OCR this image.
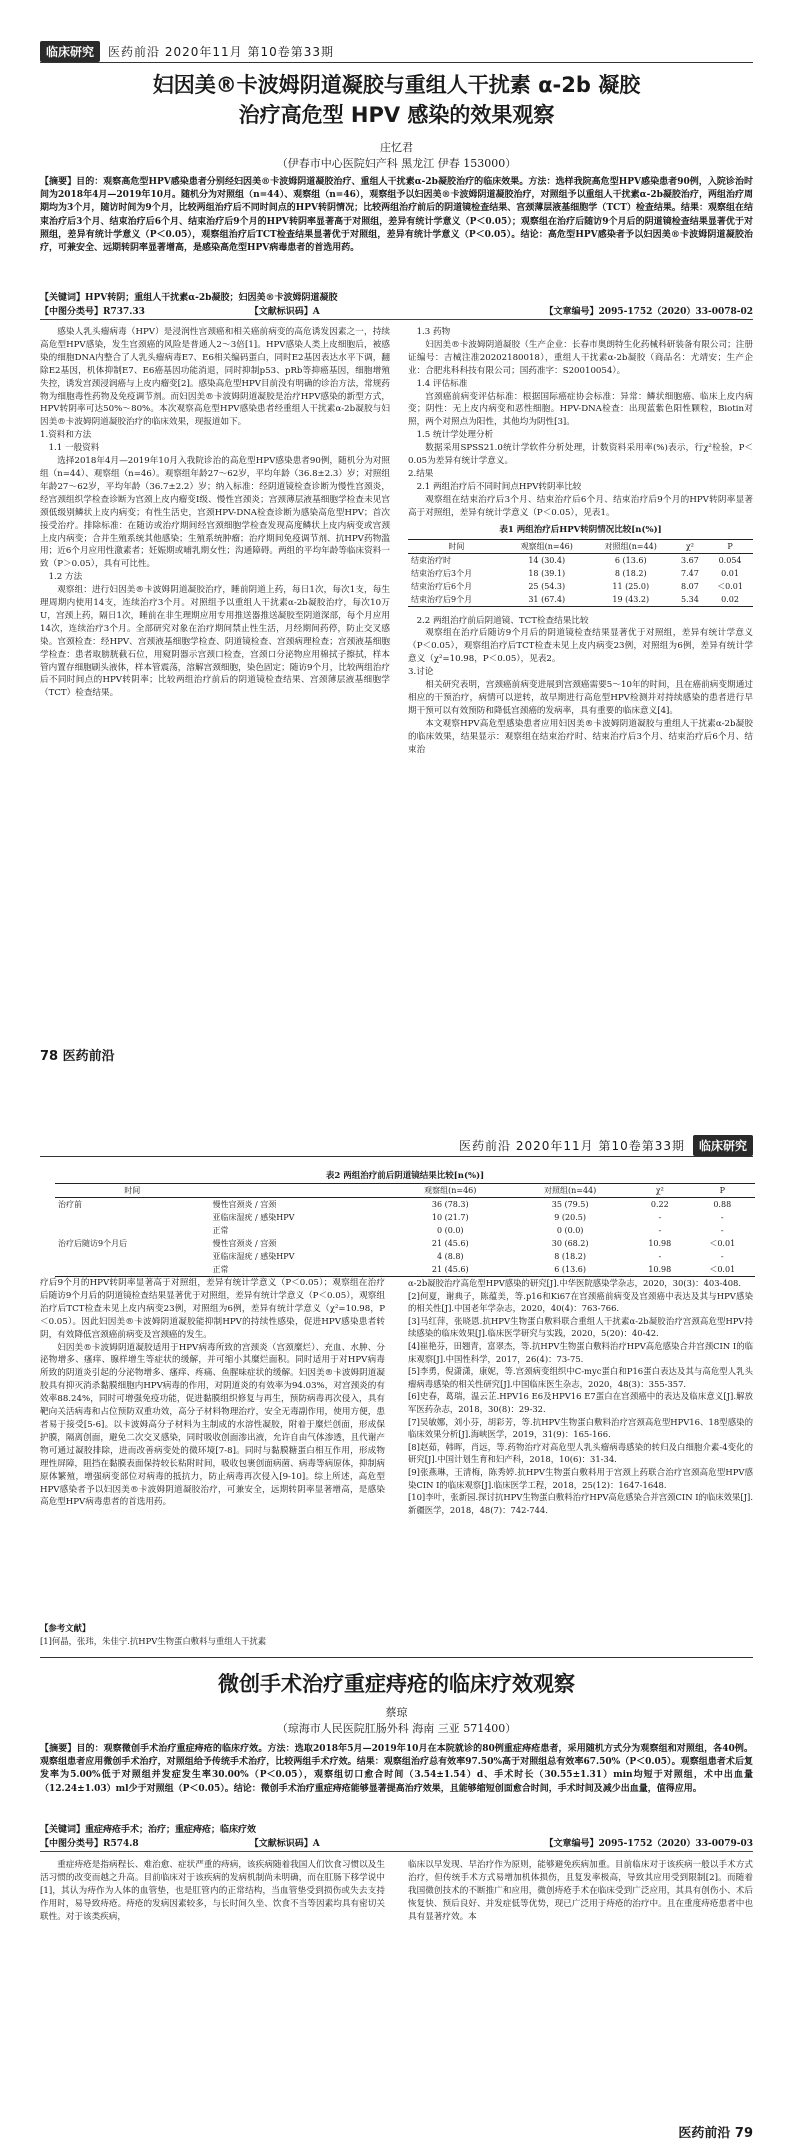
临床研究	医药前沿 2020年11月 第10卷第33期
妇因美®卡波姆阴道凝胶与重组人干扰素 α-2b 凝胶
治疗高危型 HPV 感染的效果观察
庄忆君
（伊春市中心医院妇产科 黑龙江 伊春 153000）
【摘要】目的：观察高危型HPV感染患者分别经妇因美®卡波姆阴道凝胶治疗、重组人干扰素α-2b凝胶治疗的临床效果。方法：选样我院高危型HPV感染患者90例，入院诊治时间为2018年4月—2019年10月。随机分为对照组（n=44）、观察组（n=46），观察组予以妇因美®卡波姆阴道凝胶治疗，对照组予以重组人干扰素α-2b凝胶治疗，两组治疗周期均为3个月，随访时间为9个月，比较两组治疗后不同时间点的HPV转阴情况；比较两组治疗前后的阴道镜检查结果、宫颈薄层液基细胞学（TCT）检查结果。结果：观察组在结束治疗后3个月、结束治疗后6个月、结束治疗后9个月的HPV转阴率显著高于对照组，差异有统计学意义（P＜0.05）；观察组在治疗后随访9个月后的阴道镜检查结果显著优于对照组，差异有统计学意义（P＜0.05），观察组治疗后TCT检查结果显著优于对照组，差异有统计学意义（P＜0.05）。结论：高危型HPV感染者予以妇因美®卡波姆阴道凝胶治疗，可兼安全、远期转阴率显著增高，是感染高危型HPV病毒患者的首选用药。
【关键词】HPV转阴；重组人干扰素α-2b凝胶；妇因美®卡波姆阴道凝胶
【中图分类号】R737.33	【文献标识码】A	【文章编号】2095-1752（2020）33-0078-02

感染人乳头瘤病毒（HPV）是浸润性宫颈癌和相关癌前病变的高危诱发因素之一，持续高危型HPV感染，发生宫颈癌的风险是普通人2～3倍[1]。HPV感染人类上皮细胞后，被感染的细胞DNA内整合了人乳头瘤病毒E7、E6相关编码蛋白，同时E2基因表达水平下调，翻除E2基因，机体抑制E7、E6癌基因功能消退，同时抑制p53、pRb等抑癌基因，细胞增殖失控，诱发宫颈浸润癌与上皮内瘤变[2]。感染高危型HPV目前没有明确的诊治方法，常规药物为细胞毒性药物及免疫调节剂。而妇因美®卡波姆阴道凝胶是治疗HPV感染的新型方式，HPV转阴率可达50%～80%。本次观察高危型HPV感染患者经重组人干扰素α-2b凝胶与妇因美®卡波姆阴道凝胶治疗的临床效果，现报道如下。

1.资料和方法

1.1 一般资料

选择2018年4月—2019年10月入我院诊治的高危型HPV感染患者90例，随机分为对照组（n=44）、观察组（n=46）。观察组年龄27～62岁，平均年龄（36.8±2.3）岁；对照组年龄27～62岁，平均年龄（36.7±2.2）岁；纳入标准：经阴道镜检查诊断为慢性宫颈炎，经宫颈组织学检查诊断为宫颈上皮内瘤变Ⅰ级、慢性宫颈炎；宫颈薄层液基细胞学检查未见宫颈低级别鳞状上皮内病变；有性生活史，宫颈HPV-DNA检查诊断为感染高危型HPV；首次接受治疗。排除标准：在随访或治疗期间经宫颈细胞学检查发现高度鳞状上皮内病变或宫颈上皮内病变；合并生殖系统其他感染；生殖系统肿瘤；治疗期间免疫调节剂、抗HPV药物滥用；近6个月应用性激素者；妊娠期或哺乳期女性；沟通障碍。两组的平均年龄等临床资料一致（P＞0.05），具有可比性。

1.2 方法

观察组：进行妇因美®卡波姆阴道凝胶治疗，睡前阴道上药，每日1次，每次1支，每生理周期内使用14支，连续治疗3个月。对照组予以重组人干扰素α-2b凝胶治疗，每次10万U，宫颈上药，隔日1次，睡前在非生理期应用专用推送器推送凝胶至阴道深部，每个月应用14次，连续治疗3个月。全部研究对象在治疗期间禁止性生活，月经期间药停，防止交叉感染。宫颈检查：经HPV、宫颈液基细胞学检查、阴道镜检查、宫颈病理检查；宫颈液基细胞学检查：患者取膀胱截石位，用窥阴器示宫颈口检查，宫颈口分泌物应用棉拭子擦拭，样本管内置存细胞刷头液体，样本管震荡，溶解宫颈细胞，染色固定；随访9个月，比较两组治疗后不同时间点的HPV转阴率；比较两组治疗前后的阴道镜检查结果、宫颈薄层液基细胞学（TCT）检查结果。

1.3 药物

妇因美®卡波姆阴道凝胶（生产企业：长春市奥朗特生化药械科研装备有限公司；注册证编号：吉械注准20202180018），重组人干扰素α-2b凝胶（商品名：尤靖安；生产企业：合肥兆科科技有限公司；国药准字：S20010054）。

1.4 评估标准

宫颈癌前病变评估标准：根据国际癌症协会标准：异常：鳞状细胞癌、临床上皮内病变；阴性：无上皮内病变和恶性细胞。HPV-DNA检查：出现蓝紫色阳性颗粒，Biotin对照，两个对照点为阳性，其他均为阴性[3]。

1.5 统计学处理分析

数据采用SPSS21.0统计学软件分析处理，计数资料采用率(%)表示，行χ²检验，P＜0.05为差异有统计学意义。

2.结果

2.1 两组治疗后不同时间点HPV转阴率比较

观察组在结束治疗后3个月、结束治疗后6个月、结束治疗后9个月的HPV转阴率显著高于对照组，差异有统计学意义（P＜0.05），见表1。

表1 两组治疗后HPV转阴情况比较[n(%)]
时间	观察组(n=46)	对照组(n=44)	χ²	P
结束治疗时	14 (30.4)	6 (13.6)	3.67	0.054
结束治疗后3个月	18 (39.1)	8 (18.2)	7.47	0.01
结束治疗后6个月	25 (54.3)	11 (25.0)	8.07	＜0.01
结束治疗后9个月	31 (67.4)	19 (43.2)	5.34	0.02

2.2 两组治疗前后阴道镜、TCT检查结果比较

观察组在治疗后随访9个月后的阴道镜检查结果显著优于对照组，差异有统计学意义（P＜0.05），观察组治疗后TCT检查未见上皮内病变23例，对照组为6例，差异有统计学意义（χ²=10.98，P＜0.05），见表2。

3.讨论

相关研究表明，宫颈癌前病变进展到宫颈癌需要5～10年的时间，且在癌前病变期通过相应的干预治疗，病情可以逆转，故早期进行高危型HPV检测并对持续感染的患者进行早期干预可以有效预防和降低宫颈癌的发病率，具有重要的临床意义[4]。

本文观察HPV高危型感染患者应用妇因美®卡波姆阴道凝胶与重组人干扰素α-2b凝胶的临床效果，结果显示：观察组在结束治疗时、结束治疗后3个月、结束治疗后6个月、结束治

78 医药前沿
医药前沿 2020年11月 第10卷第33期	临床研究
表2 两组治疗前后阴道镜结果比较[n(%)]
时间		观察组(n=46)	对照组(n=44)	χ²	P
治疗前	慢性宫颈炎 / 宫颈	36 (78.3)	35 (79.5)	0.22	0.88
	亚临床湿疣 / 感染HPV	10 (21.7)	9 (20.5)	-	-
	正常	0 (0.0)	0 (0.0)	-	-
治疗后随访9个月后	慢性宫颈炎 / 宫颈	21 (45.6)	30 (68.2)	10.98	＜0.01
	亚临床湿疣 / 感染HPV	4 (8.8)	8 (18.2)	-	-
	正常	21 (45.6)	6 (13.6)	10.98	＜0.01

疗后9个月的HPV转阴率显著高于对照组，差异有统计学意义（P＜0.05）；观察组在治疗后随访9个月后的阴道镜检查结果显著优于对照组，差异有统计学意义（P＜0.05），观察组治疗后TCT检查未见上皮内病变23例，对照组为6例，差异有统计学意义（χ²=10.98，P＜0.05）。因此妇因美®卡波姆阴道凝胶能抑制HPV的持续性感染，促进HPV感染患者转阴，有效降低宫颈癌前病变及宫颈癌的发生。

妇因美®卡波姆阴道凝胶适用于HPV病毒所致的宫颈炎（宫颈糜烂）、充血、水肿、分泌物增多、瘙痒、腺样增生等症状的缓解，并可缩小其糜烂面积。同时适用于对HPV病毒所致的阴道炎引起的分泌物增多、瘙痒、疼痛、鱼腥味症状的缓解。妇因美®卡波姆阴道凝胶具有抑灭消杀黏膜细胞内HPV病毒的作用，对阴道炎的有效率为94.03%，对宫颈炎的有效率88.24%，同时可增强免疫功能，促进黏膜组织修复与再生，预防病毒再次侵入，具有靶向关活病毒和占位预防双重功效，高分子材料物理治疗，安全无毒副作用，使用方便，患者易于接受[5-6]。以卡波姆高分子材料为主制成的水溶性凝胶，附着于糜烂创面，形成保护膜，隔离创面，避免二次交叉感染，同时吸收创面渗出液，允许自由气体渗透，且代谢产物可通过凝胶排除，进而改善病变处的微环境[7-8]。同时与黏膜糖蛋白相互作用，形成物理性屏障，阻挡在黏膜表面保持较长粘附时间，吸收包裹创面病菌、病毒等病原体，抑制病原体繁殖，增强病变部位对病毒的抵抗力，防止病毒再次侵入[9-10]。综上所述，高危型HPV感染者予以妇因美®卡波姆阴道凝胶治疗，可兼安全，远期转阴率显著增高，是感染高危型HPV病毒患者的首选用药。

【参考文献】
[1]何晶，张玮，朱佳宁.抗HPV生物蛋白敷料与重组人干扰素
α-2b凝胶治疗高危型HPV感染的研究[J].中华医院感染学杂志，2020，30(3)：403-408.
[2]何夏，谢典子，陈蕴美，等.p16和Ki67在宫颈癌前病变及宫颈癌中表达及其与HPV感染的相关性[J].中国老年学杂志，2020，40(4)：763-766.
[3]马红萍，张晓恩.抗HPV生物蛋白敷料联合重组人干扰素α-2b凝胶治疗宫颈高危型HPV持续感染的临床效果[J].临床医学研究与实践，2020，5(20)：40-42.
[4]崔艳芬，田翘青，富翠杰，等.抗HPV生物蛋白敷料治疗HPV高危感染合并宫颈CIN I的临床观察[J].中国性科学，2017，26(4)：73-75.
[5]李勇，倪潇潇，康妮，等.宫颈病变组织中C-myc蛋白和P16蛋白表达及其与高危型人乳头瘤病毒感染的相关性研究[J].中国临床医生杂志，2020，48(3)：355-357.
[6]史春，葛瑞，温云芷.HPV16 E6及HPV16 E7蛋白在宫颈癌中的表达及临床意义[J].解放军医药杂志，2018，30(8)：29-32.
[7]吴敏娜，刘小芬，胡彩芳，等.抗HPV生物蛋白敷料治疗宫颈高危型HPV16、18型感染的临床效果分析[J].海峡医学，2019，31(9)：165-166.
[8]赵茹，韩晖，肖远，等.药物治疗对高危型人乳头瘤病毒感染的转归及白细胞介素-4变化的研究[J].中国计划生育和妇产科，2018，10(6)：31-34.
[9]张燕琳，王清梅，陈秀婷.抗HPV生物蛋白敷料用于宫颈上药联合治疗宫颈高危型HPV感染CIN I的临床观察[J].临床医学工程，2018，25(12)：1647-1648.
[10]李叶，张新园.探讨抗HPV生物蛋白敷料治疗HPV高危感染合并宫颈CIN I的临床效果[J].新疆医学，2018，48(7)：742-744.
微创手术治疗重症痔疮的临床疗效观察
蔡琼
（琼海市人民医院肛肠外科 海南 三亚 571400）
【摘要】目的：观察微创手术治疗重症痔疮的临床疗效。方法：选取2018年5月—2019年10月在本院就诊的80例重症痔疮患者，采用随机方式分为观察组和对照组，各40例。观察组患者应用微创手术治疗，对照组给予传统手术治疗，比较两组手术疗效。结果：观察组治疗总有效率97.50%高于对照组总有效率67.50%（P＜0.05）。观察组患者术后复发率为5.00%低于对照组并发症发生率30.00%（P＜0.05），观察组切口愈合时间（3.54±1.54）d、手术时长（30.55±1.31）min均短于对照组，术中出血量（12.24±1.03）ml少于对照组（P＜0.05）。结论：微创手术治疗重症痔疮能够显著提高治疗效果，且能够缩短创面愈合时间，手术时间及减少出血量，值得应用。
【关键词】重症痔疮手术；治疗；重症痔疮；临床疗效
【中图分类号】R574.8	【文献标识码】A	【文章编号】2095-1752（2020）33-0079-03

重症痔疮是指病程长、难治愈、症状严重的痔病，该疾病随着我国人们饮食习惯以及生活习惯的改变而越之升高。目前临床对于该疾病的发病机制尚未明确，而在肛肠下移学说中[1]，其认为痔作为人体的血管垫，也是肛管内的正常结构，当血管垫受到损伤或失去支持作用时，易导致痔疮。痔疮的发病因素较多，与长时间久坐、饮食不当等因素均具有密切关联性。对于该类疾病，

临床以早发现、早治疗作为原则，能够避免疾病加重。目前临床对于该疾病一般以手术方式治疗，但传统手术方式易增加机体损伤，且复发率极高，导致其应用受到限制[2]。而随着我国微创技术的不断推广和应用，微创痔疮手术在临床受到广泛应用，其具有创伤小、术后恢复快、预后良好、并发症低等优势，现已广泛用于痔疮的治疗中。且在重度痔疮患者中也具有显著疗效。本

医药前沿 79
